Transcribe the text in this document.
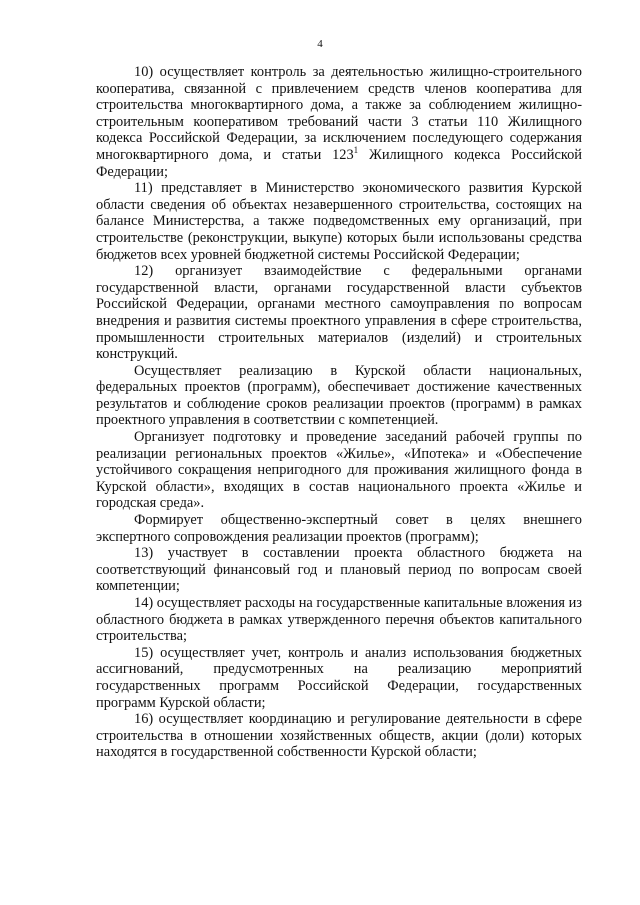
4

10) осуществляет контроль за деятельностью жилищно-строительного кооператива, связанной с привлечением средств членов кооператива для строительства многоквартирного дома, а также за соблюдением жилищно-строительным кооперативом требований части 3 статьи 110 Жилищного кодекса Российской Федерации, за исключением последующего содержания многоквартирного дома, и статьи $123^1$ Жилищного кодекса Российской Федерации;

11) представляет в Министерство экономического развития Курской области сведения об объектах незавершенного строительства, состоящих на балансе Министерства, а также подведомственных ему организаций, при строительстве (реконструкции, выкупе) которых были использованы средства бюджетов всех уровней бюджетной системы Российской Федерации;

12) организует взаимодействие с федеральными органами государственной власти, органами государственной власти субъектов Российской Федерации, органами местного самоуправления по вопросам внедрения и развития системы проектного управления в сфере строительства, промышленности строительных материалов (изделий) и строительных конструкций.

Осуществляет реализацию в Курской области национальных, федеральных проектов (программ), обеспечивает достижение качественных результатов и соблюдение сроков реализации проектов (программ) в рамках проектного управления в соответствии с компетенцией.

Организует подготовку и проведение заседаний рабочей группы по реализации региональных проектов «Жилье», «Ипотека» и «Обеспечение устойчивого сокращения непригодного для проживания жилищного фонда в Курской области», входящих в состав национального проекта «Жилье и городская среда».

Формирует общественно-экспертный совет в целях внешнего экспертного сопровождения реализации проектов (программ);

13) участвует в составлении проекта областного бюджета на соответствующий финансовый год и плановый период по вопросам своей компетенции;

14) осуществляет расходы на государственные капитальные вложения из областного бюджета в рамках утвержденного перечня объектов капитального строительства;

15) осуществляет учет, контроль и анализ использования бюджетных ассигнований, предусмотренных на реализацию мероприятий государственных программ Российской Федерации, государственных программ Курской области;

16) осуществляет координацию и регулирование деятельности в сфере строительства в отношении хозяйственных обществ, акции (доли) которых находятся в государственной собственности Курской области;
